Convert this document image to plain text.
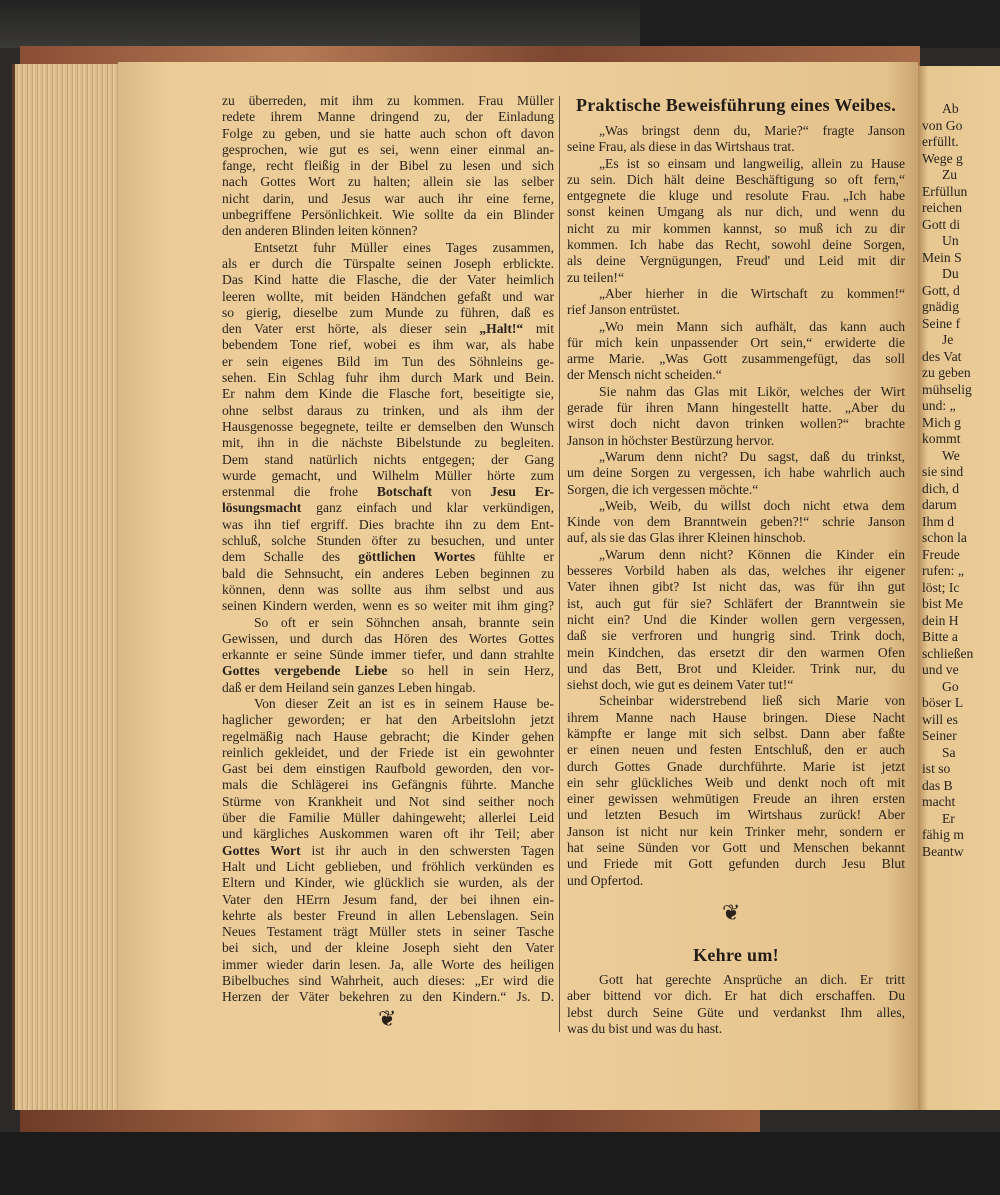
Ab
von Go
erfüllt.
Wege g
Zu
Erfüllun
reichen
Gott di
Un
Mein S
Du
Gott, d
gnädig
Seine f
Je
des Vat
zu geben
mühselig
und: „
Mich g
kommt
We
sie sind
dich, d
darum
Ihm d
schon la
Freude
rufen: „
löst; Ic
bist Me
dein H
Bitte a
schließen
und ve
Go
böser L
will es
Seiner
Sa
ist so
das B
macht
Er
fähig m
Beantw
zu überreden, mit ihm zu kommen. Frau Müller
redete ihrem Manne dringend zu, der Einladung
Folge zu geben, und sie hatte auch schon oft davon
gesprochen, wie gut es sei, wenn einer einmal an-
fange, recht fleißig in der Bibel zu lesen und sich
nach Gottes Wort zu halten; allein sie las selber
nicht darin, und Jesus war auch ihr eine ferne,
unbegriffene Persönlichkeit. Wie sollte da ein Blinder
den anderen Blinden leiten können?
Entsetzt fuhr Müller eines Tages zusammen,
als er durch die Türspalte seinen Joseph erblickte.
Das Kind hatte die Flasche, die der Vater heimlich
leeren wollte, mit beiden Händchen gefaßt und war
so gierig, dieselbe zum Munde zu führen, daß es
den Vater erst hörte, als dieser sein „Halt!“ mit
bebendem Tone rief, wobei es ihm war, als habe
er sein eigenes Bild im Tun des Söhnleins ge-
sehen. Ein Schlag fuhr ihm durch Mark und Bein.
Er nahm dem Kinde die Flasche fort, beseitigte sie,
ohne selbst daraus zu trinken, und als ihm der
Hausgenosse begegnete, teilte er demselben den Wunsch
mit, ihn in die nächste Bibelstunde zu begleiten.
Dem stand natürlich nichts entgegen; der Gang
wurde gemacht, und Wilhelm Müller hörte zum
erstenmal die frohe Botschaft von Jesu Er-
lösungsmacht ganz einfach und klar verkündigen,
was ihn tief ergriff. Dies brachte ihn zu dem Ent-
schluß, solche Stunden öfter zu besuchen, und unter
dem Schalle des göttlichen Wortes fühlte er
bald die Sehnsucht, ein anderes Leben beginnen zu
können, denn was sollte aus ihm selbst und aus
seinen Kindern werden, wenn es so weiter mit ihm ging?
So oft er sein Söhnchen ansah, brannte sein
Gewissen, und durch das Hören des Wortes Gottes
erkannte er seine Sünde immer tiefer, und dann strahlte
Gottes vergebende Liebe so hell in sein Herz,
daß er dem Heiland sein ganzes Leben hingab.
Von dieser Zeit an ist es in seinem Hause be-
haglicher geworden; er hat den Arbeitslohn jetzt
regelmäßig nach Hause gebracht; die Kinder gehen
reinlich gekleidet, und der Friede ist ein gewohnter
Gast bei dem einstigen Raufbold geworden, den vor-
mals die Schlägerei ins Gefängnis führte. Manche
Stürme von Krankheit und Not sind seither noch
über die Familie Müller dahingeweht; allerlei Leid
und kärgliches Auskommen waren oft ihr Teil; aber
Gottes Wort ist ihr auch in den schwersten Tagen
Halt und Licht geblieben, und fröhlich verkünden es
Eltern und Kinder, wie glücklich sie wurden, als der
Vater den HErrn Jesum fand, der bei ihnen ein-
kehrte als bester Freund in allen Lebenslagen. Sein
Neues Testament trägt Müller stets in seiner Tasche
bei sich, und der kleine Joseph sieht den Vater
immer wieder darin lesen. Ja, alle Worte des heiligen
Bibelbuches sind Wahrheit, auch dieses: „Er wird die
Herzen der Väter bekehren zu den Kindern.“ Js. D.
❦
Praktische Beweisführung eines Weibes.
„Was bringst denn du, Marie?“ fragte Janson
seine Frau, als diese in das Wirtshaus trat.
„Es ist so einsam und langweilig, allein zu Hause
zu sein. Dich hält deine Beschäftigung so oft fern,“
entgegnete die kluge und resolute Frau. „Ich habe
sonst keinen Umgang als nur dich, und wenn du
nicht zu mir kommen kannst, so muß ich zu dir
kommen. Ich habe das Recht, sowohl deine Sorgen,
als deine Vergnügungen, Freud' und Leid mit dir
zu teilen!“
„Aber hierher in die Wirtschaft zu kommen!“
rief Janson entrüstet.
„Wo mein Mann sich aufhält, das kann auch
für mich kein unpassender Ort sein,“ erwiderte die
arme Marie. „Was Gott zusammengefügt, das soll
der Mensch nicht scheiden.“
Sie nahm das Glas mit Likör, welches der Wirt
gerade für ihren Mann hingestellt hatte. „Aber du
wirst doch nicht davon trinken wollen?“ brachte
Janson in höchster Bestürzung hervor.
„Warum denn nicht? Du sagst, daß du trinkst,
um deine Sorgen zu vergessen, ich habe wahrlich auch
Sorgen, die ich vergessen möchte.“
„Weib, Weib, du willst doch nicht etwa dem
Kinde von dem Branntwein geben?!“ schrie Janson
auf, als sie das Glas ihrer Kleinen hinschob.
„Warum denn nicht? Können die Kinder ein
besseres Vorbild haben als das, welches ihr eigener
Vater ihnen gibt? Ist nicht das, was für ihn gut
ist, auch gut für sie? Schläfert der Branntwein sie
nicht ein? Und die Kinder wollen gern vergessen,
daß sie verfroren und hungrig sind. Trink doch,
mein Kindchen, das ersetzt dir den warmen Ofen
und das Bett, Brot und Kleider. Trink nur, du
siehst doch, wie gut es deinem Vater tut!“
Scheinbar widerstrebend ließ sich Marie von
ihrem Manne nach Hause bringen. Diese Nacht
kämpfte er lange mit sich selbst. Dann aber faßte
er einen neuen und festen Entschluß, den er auch
durch Gottes Gnade durchführte. Marie ist jetzt
ein sehr glückliches Weib und denkt noch oft mit
einer gewissen wehmütigen Freude an ihren ersten
und letzten Besuch im Wirtshaus zurück! Aber
Janson ist nicht nur kein Trinker mehr, sondern er
hat seine Sünden vor Gott und Menschen bekannt
und Friede mit Gott gefunden durch Jesu Blut
und Opfertod.
❦
Kehre um!
Gott hat gerechte Ansprüche an dich. Er tritt
aber bittend vor dich. Er hat dich erschaffen. Du
lebst durch Seine Güte und verdankst Ihm alles,
was du bist und was du hast.
